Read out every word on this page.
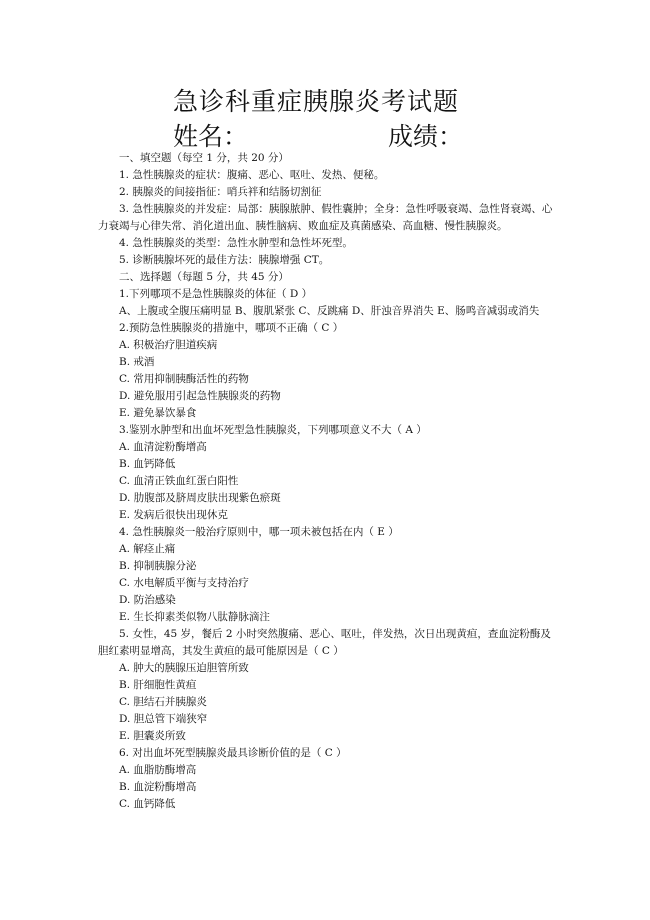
急诊科重症胰腺炎考试题
姓名：	成绩：

一、填空题（每空 1 分，共 20 分）

1. 急性胰腺炎的症状：腹痛、恶心、呕吐、发热、便秘。

2. 胰腺炎的间接指征：哨兵袢和结肠切割征

3. 急性胰腺炎的并发症：局部：胰腺脓肿、假性囊肿；全身：急性呼吸衰竭、急性肾衰竭、心力衰竭与心律失常、消化道出血、胰性脑病、败血症及真菌感染、高血糖、慢性胰腺炎。

4. 急性胰腺炎的类型：急性水肿型和急性坏死型。

5. 诊断胰腺坏死的最佳方法：胰腺增强 CT。

二、选择题（每题 5 分，共 45 分）

1.下列哪项不是急性胰腺炎的体征（ D ）

A、上腹或全腹压痛明显 B、腹肌紧张 C、反跳痛 D、肝浊音界消失 E、肠鸣音减弱或消失

2.预防急性胰腺炎的措施中，哪项不正确（ C ）

A. 积极治疗胆道疾病

B. 戒酒

C. 常用抑制胰酶活性的药物

D. 避免服用引起急性胰腺炎的药物

E. 避免暴饮暴食

3.鉴别水肿型和出血坏死型急性胰腺炎，下列哪项意义不大（ A ）

A. 血清淀粉酶增高

B. 血钙降低

C. 血清正铁血红蛋白阳性

D. 肋腹部及脐周皮肤出现紫色瘀斑

E. 发病后很快出现休克

4. 急性胰腺炎一般治疗原则中，哪一项未被包括在内（ E ）

A. 解痉止痛

B. 抑制胰腺分泌

C. 水电解质平衡与支持治疗

D. 防治感染

E. 生长抑素类似物八肽静脉滴注

5. 女性，45 岁，餐后 2 小时突然腹痛、恶心、呕吐，伴发热，次日出现黄疸，查血淀粉酶及胆红素明显增高，其发生黄疸的最可能原因是（ C ）

A. 肿大的胰腺压迫胆管所致

B. 肝细胞性黄疸

C. 胆结石并胰腺炎

D. 胆总管下端狭窄

E. 胆囊炎所致

6. 对出血坏死型胰腺炎最具诊断价值的是（ C ）

A. 血脂肪酶增高

B. 血淀粉酶增高

C. 血钙降低
